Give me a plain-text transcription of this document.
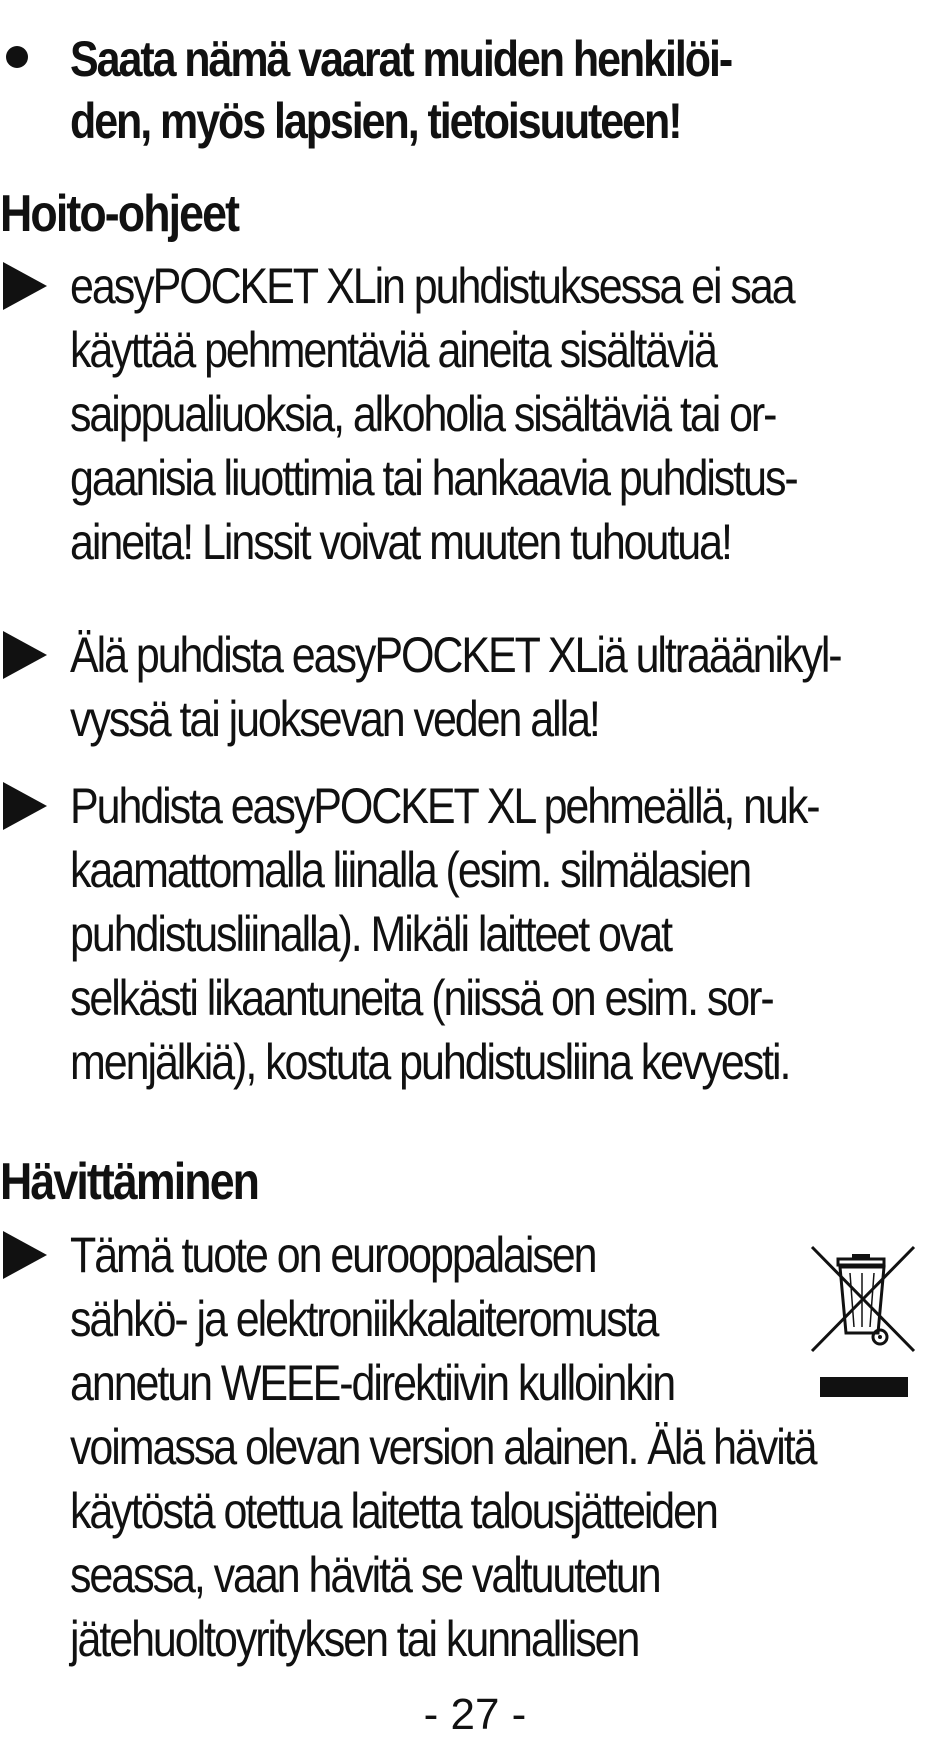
Saata nämä vaarat muiden henkilöi-
den, myös lapsien, tietoisuuteen!
Hoito-ohjeet
easyPOCKET XLin puhdistuksessa ei saa
käyttää pehmentäviä aineita sisältäviä
saippualiuoksia, alkoholia sisältäviä tai or-
gaanisia liuottimia tai hankaavia puhdistus-
aineita! Linssit voivat muuten tuhoutua!
Älä puhdista easyPOCKET XLiä ultraäänikyl-
vyssä tai juoksevan veden alla!
Puhdista easyPOCKET XL pehmeällä, nuk-
kaamattomalla liinalla (esim. silmälasien
puhdistusliinalla). Mikäli laitteet ovat
selkästi likaantuneita (niissä on esim. sor-
menjälkiä), kostuta puhdistusliina kevyesti.
Hävittäminen
Tämä tuote on eurooppalaisen
sähkö- ja elektroniikkalaiteromusta
annetun WEEE-direktiivin kulloinkin
voimassa olevan version alainen. Älä hävitä
käytöstä otettua laitetta talousjätteiden
seassa, vaan hävitä se valtuutetun
jätehuoltoyrityksen tai kunnallisen
- 27 -
